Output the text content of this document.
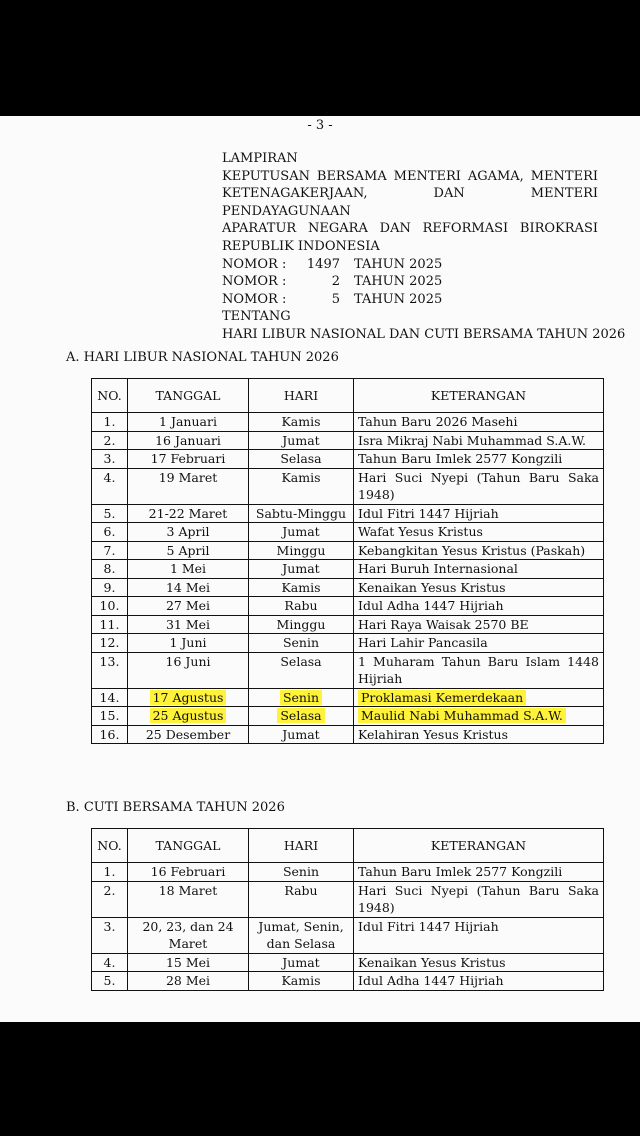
- 3 -
LAMPIRAN
KEPUTUSAN BERSAMA MENTERI AGAMA, MENTERI
KETENAGAKERJAAN, DAN MENTERI PENDAYAGUNAAN
APARATUR NEGARA DAN REFORMASI BIROKRASI
REPUBLIK INDONESIA
NOMOR :	1497	TAHUN 2025
NOMOR :	2	TAHUN 2025
NOMOR :	5	TAHUN 2025
TENTANG
HARI LIBUR NASIONAL DAN CUTI BERSAMA TAHUN 2026
A. HARI LIBUR NASIONAL TAHUN 2026
NO.	TANGGAL	HARI	KETERANGAN
1.	1 Januari	Kamis	Tahun Baru 2026 Masehi
2.	16 Januari	Jumat	Isra Mikraj Nabi Muhammad S.A.W.
3.	17 Februari	Selasa	Tahun Baru Imlek 2577 Kongzili
4.	19 Maret	Kamis	Hari Suci Nyepi (Tahun Baru Saka 1948)
5.	21-22 Maret	Sabtu-Minggu	Idul Fitri 1447 Hijriah
6.	3 April	Jumat	Wafat Yesus Kristus
7.	5 April	Minggu	Kebangkitan Yesus Kristus (Paskah)
8.	1 Mei	Jumat	Hari Buruh Internasional
9.	14 Mei	Kamis	Kenaikan Yesus Kristus
10.	27 Mei	Rabu	Idul Adha 1447 Hijriah
11.	31 Mei	Minggu	Hari Raya Waisak 2570 BE
12.	1 Juni	Senin	Hari Lahir Pancasila
13.	16 Juni	Selasa	1 Muharam Tahun Baru Islam 1448 Hijriah
14.	17 Agustus	Senin	Proklamasi Kemerdekaan
15.	25 Agustus	Selasa	Maulid Nabi Muhammad S.A.W.
16.	25 Desember	Jumat	Kelahiran Yesus Kristus
B. CUTI BERSAMA TAHUN 2026
NO.	TANGGAL	HARI	KETERANGAN
1.	16 Februari	Senin	Tahun Baru Imlek 2577 Kongzili
2.	18 Maret	Rabu	Hari Suci Nyepi (Tahun Baru Saka 1948)
3.	20, 23, dan 24 Maret	Jumat, Senin, dan Selasa	Idul Fitri 1447 Hijriah
4.	15 Mei	Jumat	Kenaikan Yesus Kristus
5.	28 Mei	Kamis	Idul Adha 1447 Hijriah
